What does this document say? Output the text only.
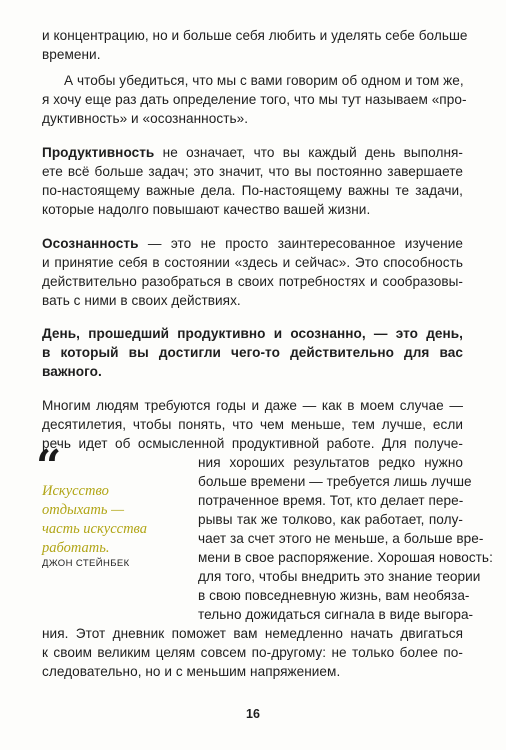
и концентрацию, но и больше себя любить и уделять себе больше
времени.
А чтобы убедиться, что мы с вами говорим об одном и том же,
я хочу еще раз дать определение того, что мы тут называем «про-
дуктивность» и «осознанность».
Продуктивность не означает, что вы каждый день выполня-
ете всё больше задач; это значит, что вы постоянно завершаете
по-настоящему важные дела. По-настоящему важны те задачи,
которые надолго повышают качество вашей жизни.
Осознанность — это не просто заинтересованное изучение
и принятие себя в состоянии «здесь и сейчас». Это способность
действительно разобраться в своих потребностях и сообразовы-
вать с ними в своих действиях.
День, прошедший продуктивно и осознанно, — это день,
в который вы достигли чего-то действительно для вас
важного.
Многим людям требуются годы и даже — как в моем случае —
десятилетия, чтобы понять, что чем меньше, тем лучше, если
речь идет об осмысленной продуктивной работе. Для получе-
ния хороших результатов редко нужно
больше времени — требуется лишь лучше
потраченное время. Тот, кто делает пере-
рывы так же толково, как работает, полу-
чает за счет этого не меньше, а больше вре-
мени в свое распоряжение. Хорошая новость:
для того, чтобы внедрить это знание теории
в свою повседневную жизнь, вам необяза-
тельно дожидаться сигнала в виде выгора-
ния. Этот дневник поможет вам немедленно начать двигаться
к своим великим целям совсем по-другому: не только более по-
следовательно, но и с меньшим напряжением.
“
Искусство
отдыхать —
часть искусства
работать.
ДЖОН СТЕЙНБЕК
16
